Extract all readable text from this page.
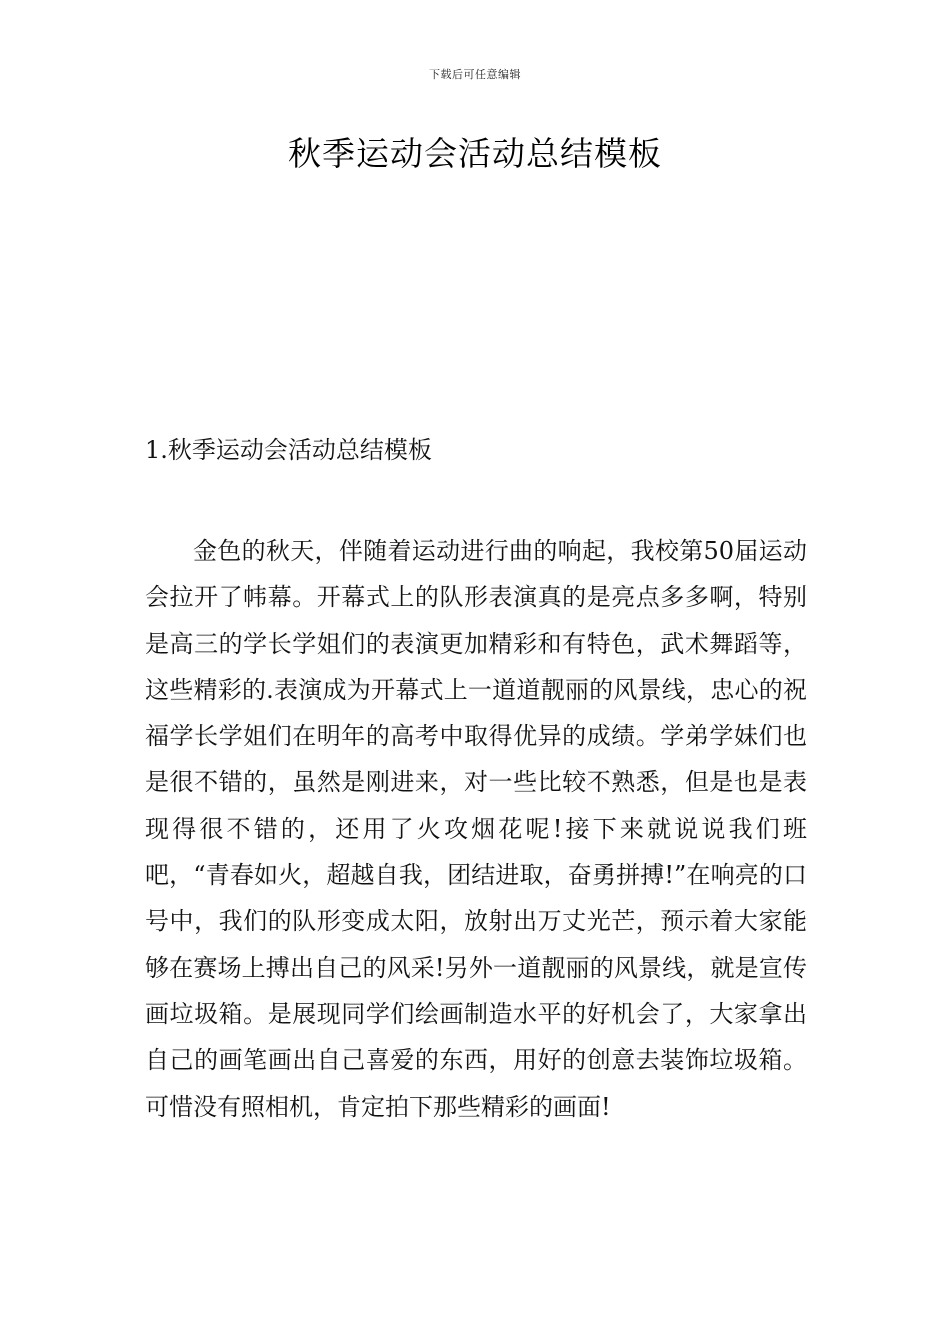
下载后可任意编辑
秋季运动会活动总结模板
1.秋季运动会活动总结模板

金色的秋天，伴随着运动进行曲的响起，我校第50届运动会拉开了帏幕。开幕式上的队形表演真的是亮点多多啊，特别是高三的学长学姐们的表演更加精彩和有特色，武术舞蹈等，这些精彩的.表演成为开幕式上一道道靓丽的风景线，忠心的祝福学长学姐们在明年的高考中取得优异的成绩。学弟学妹们也是很不错的，虽然是刚进来，对一些比较不熟悉，但是也是表现得很不错的，还用了火攻烟花呢!接下来就说说我们班吧，“青春如火，超越自我，团结进取，奋勇拼搏!”在响亮的口号中，我们的队形变成太阳，放射出万丈光芒，预示着大家能够在赛场上搏出自己的风采!另外一道靓丽的风景线，就是宣传画垃圾箱。是展现同学们绘画制造水平的好机会了，大家拿出自己的画笔画出自己喜爱的东西，用好的创意去装饰垃圾箱。可惜没有照相机，肯定拍下那些精彩的画面!
